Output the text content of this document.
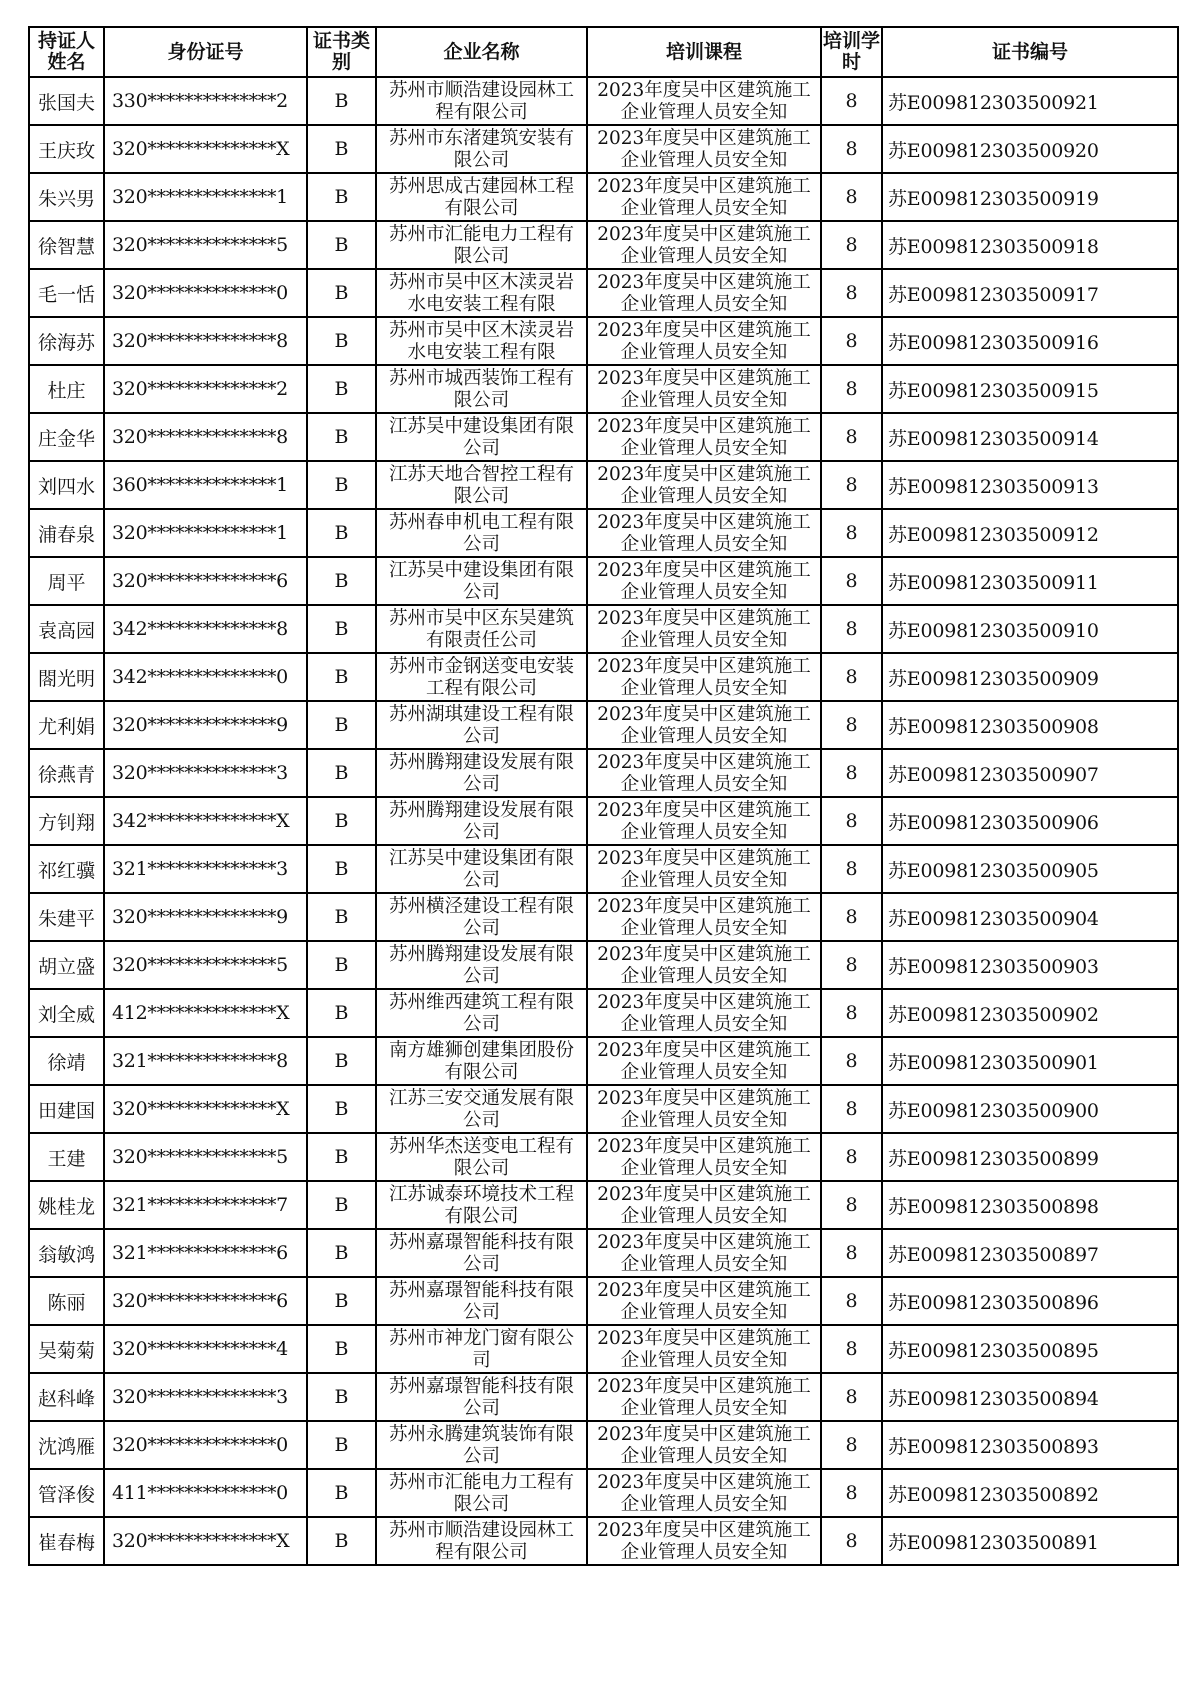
持证人姓名	身份证号	证书类别	企业名称	培训课程	培训学时	证书编号
张国夫	330**************2	B	苏州市顺浩建设园林工程有限公司	2023年度吴中区建筑施工企业管理人员安全知	8	苏E009812303500921
王庆玫	320**************X	B	苏州市东渚建筑安装有限公司	2023年度吴中区建筑施工企业管理人员安全知	8	苏E009812303500920
朱兴男	320**************1	B	苏州思成古建园林工程有限公司	2023年度吴中区建筑施工企业管理人员安全知	8	苏E009812303500919
徐智慧	320**************5	B	苏州市汇能电力工程有限公司	2023年度吴中区建筑施工企业管理人员安全知	8	苏E009812303500918
毛一恬	320**************0	B	苏州市吴中区木渎灵岩水电安装工程有限	2023年度吴中区建筑施工企业管理人员安全知	8	苏E009812303500917
徐海苏	320**************8	B	苏州市吴中区木渎灵岩水电安装工程有限	2023年度吴中区建筑施工企业管理人员安全知	8	苏E009812303500916
杜庄	320**************2	B	苏州市城西装饰工程有限公司	2023年度吴中区建筑施工企业管理人员安全知	8	苏E009812303500915
庄金华	320**************8	B	江苏吴中建设集团有限公司	2023年度吴中区建筑施工企业管理人员安全知	8	苏E009812303500914
刘四水	360**************1	B	江苏天地合智控工程有限公司	2023年度吴中区建筑施工企业管理人员安全知	8	苏E009812303500913
浦春泉	320**************1	B	苏州春申机电工程有限公司	2023年度吴中区建筑施工企业管理人员安全知	8	苏E009812303500912
周平	320**************6	B	江苏吴中建设集团有限公司	2023年度吴中区建筑施工企业管理人员安全知	8	苏E009812303500911
袁高园	342**************8	B	苏州市吴中区东吴建筑有限责任公司	2023年度吴中区建筑施工企业管理人员安全知	8	苏E009812303500910
閤光明	342**************0	B	苏州市金钢送变电安装工程有限公司	2023年度吴中区建筑施工企业管理人员安全知	8	苏E009812303500909
尤利娟	320**************9	B	苏州湖琪建设工程有限公司	2023年度吴中区建筑施工企业管理人员安全知	8	苏E009812303500908
徐燕青	320**************3	B	苏州腾翔建设发展有限公司	2023年度吴中区建筑施工企业管理人员安全知	8	苏E009812303500907
方钊翔	342**************X	B	苏州腾翔建设发展有限公司	2023年度吴中区建筑施工企业管理人员安全知	8	苏E009812303500906
祁红骥	321**************3	B	江苏吴中建设集团有限公司	2023年度吴中区建筑施工企业管理人员安全知	8	苏E009812303500905
朱建平	320**************9	B	苏州横泾建设工程有限公司	2023年度吴中区建筑施工企业管理人员安全知	8	苏E009812303500904
胡立盛	320**************5	B	苏州腾翔建设发展有限公司	2023年度吴中区建筑施工企业管理人员安全知	8	苏E009812303500903
刘全威	412**************X	B	苏州维西建筑工程有限公司	2023年度吴中区建筑施工企业管理人员安全知	8	苏E009812303500902
徐靖	321**************8	B	南方雄狮创建集团股份有限公司	2023年度吴中区建筑施工企业管理人员安全知	8	苏E009812303500901
田建国	320**************X	B	江苏三安交通发展有限公司	2023年度吴中区建筑施工企业管理人员安全知	8	苏E009812303500900
王建	320**************5	B	苏州华杰送变电工程有限公司	2023年度吴中区建筑施工企业管理人员安全知	8	苏E009812303500899
姚桂龙	321**************7	B	江苏诚泰环境技术工程有限公司	2023年度吴中区建筑施工企业管理人员安全知	8	苏E009812303500898
翁敏鸿	321**************6	B	苏州嘉璟智能科技有限公司	2023年度吴中区建筑施工企业管理人员安全知	8	苏E009812303500897
陈丽	320**************6	B	苏州嘉璟智能科技有限公司	2023年度吴中区建筑施工企业管理人员安全知	8	苏E009812303500896
吴菊菊	320**************4	B	苏州市神龙门窗有限公司	2023年度吴中区建筑施工企业管理人员安全知	8	苏E009812303500895
赵科峰	320**************3	B	苏州嘉璟智能科技有限公司	2023年度吴中区建筑施工企业管理人员安全知	8	苏E009812303500894
沈鸿雁	320**************0	B	苏州永腾建筑装饰有限公司	2023年度吴中区建筑施工企业管理人员安全知	8	苏E009812303500893
管泽俊	411**************0	B	苏州市汇能电力工程有限公司	2023年度吴中区建筑施工企业管理人员安全知	8	苏E009812303500892
崔春梅	320**************X	B	苏州市顺浩建设园林工程有限公司	2023年度吴中区建筑施工企业管理人员安全知	8	苏E009812303500891
